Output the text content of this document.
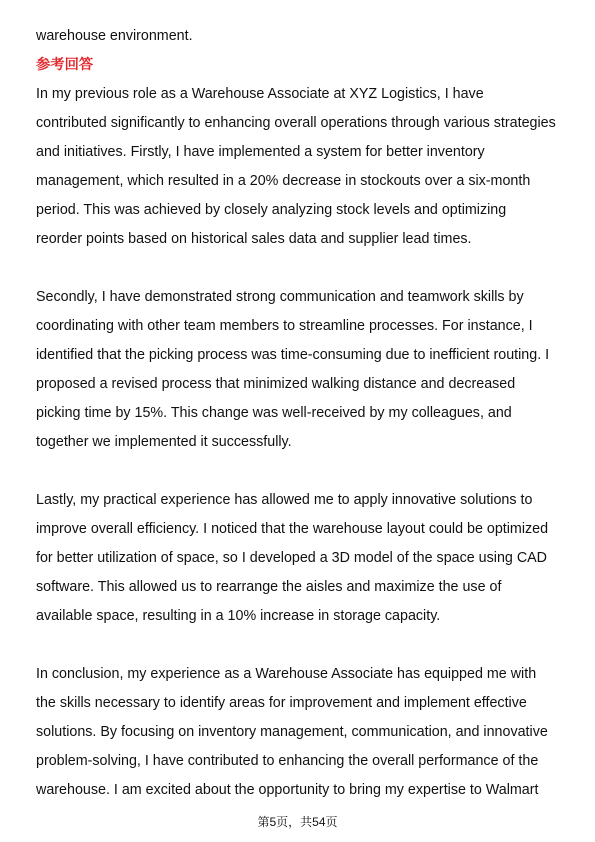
warehouse environment.
参考回答
In my previous role as a Warehouse Associate at XYZ Logistics, I have
contributed significantly to enhancing overall operations through various strategies
and initiatives. Firstly, I have implemented a system for better inventory
management, which resulted in a 20% decrease in stockouts over a six-month
period. This was achieved by closely analyzing stock levels and optimizing
reorder points based on historical sales data and supplier lead times.
Secondly, I have demonstrated strong communication and teamwork skills by
coordinating with other team members to streamline processes. For instance, I
identified that the picking process was time-consuming due to inefficient routing. I
proposed a revised process that minimized walking distance and decreased
picking time by 15%. This change was well-received by my colleagues, and
together we implemented it successfully.
Lastly, my practical experience has allowed me to apply innovative solutions to
improve overall efficiency. I noticed that the warehouse layout could be optimized
for better utilization of space, so I developed a 3D model of the space using CAD
software. This allowed us to rearrange the aisles and maximize the use of
available space, resulting in a 10% increase in storage capacity.
In conclusion, my experience as a Warehouse Associate has equipped me with
the skills necessary to identify areas for improvement and implement effective
solutions. By focusing on inventory management, communication, and innovative
problem-solving, I have contributed to enhancing the overall performance of the
warehouse. I am excited about the opportunity to bring my expertise to Walmart
第5页，共54页
